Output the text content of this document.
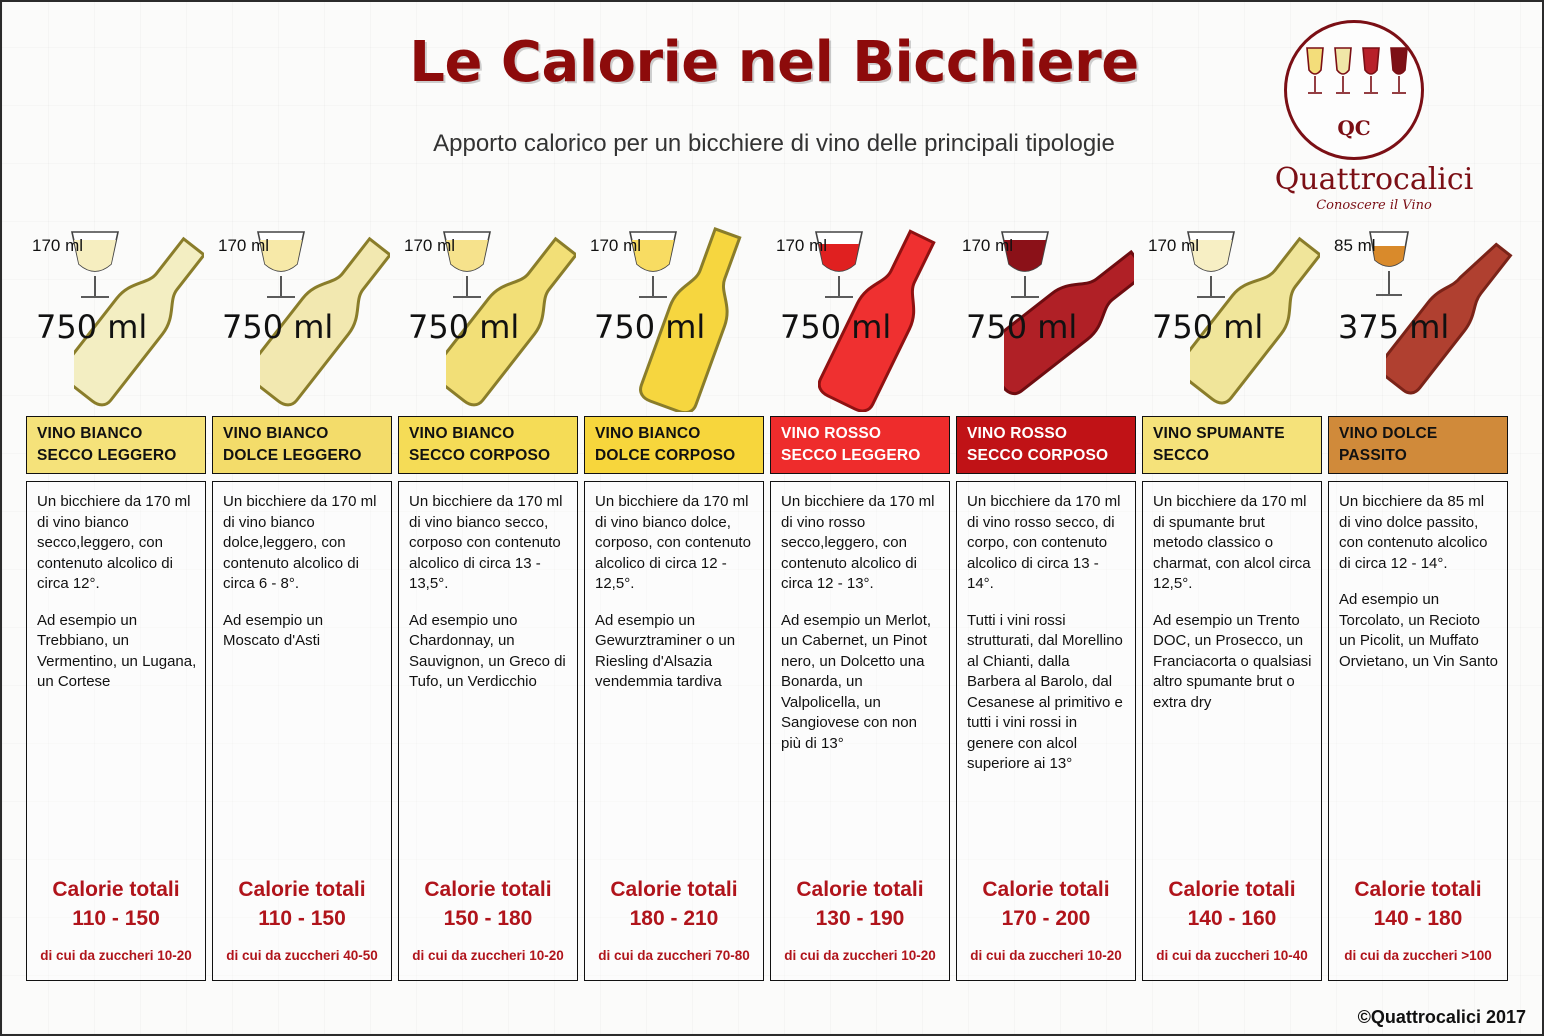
Le Calorie nel Bicchiere
Apporto calorico per un bicchiere di vino delle principali tipologie
QC
Quattrocalici
Conoscere il Vino
170 ml
750 ml
VINO BIANCO
SECCO LEGGERO

Un bicchiere da 170 ml di vino bianco secco,leggero, con contenuto alcolico di circa 12°.

Ad esempio un Trebbiano, un Vermentino, un Lugana, un Cortese

Calorie totali
110 - 150
di cui da zuccheri 10-20
170 ml
750 ml
VINO BIANCO
DOLCE LEGGERO

Un bicchiere da 170 ml di vino bianco dolce,leggero, con contenuto alcolico di circa 6 - 8°.

Ad esempio un Moscato d'Asti

Calorie totali
110 - 150
di cui da zuccheri 40-50
170 ml
750 ml
VINO BIANCO
SECCO CORPOSO

Un bicchiere da 170 ml di vino bianco secco, corposo con contenuto alcolico di circa 13 - 13,5°.

Ad esempio uno Chardonnay, un Sauvignon, un Greco di Tufo, un Verdicchio

Calorie totali
150 - 180
di cui da zuccheri 10-20
170 ml
750 ml
VINO BIANCO
DOLCE CORPOSO

Un bicchiere da 170 ml di vino bianco dolce, corposo, con contenuto alcolico di circa 12 - 12,5°.

Ad esempio un Gewurztraminer o un Riesling d'Alsazia vendemmia tardiva

Calorie totali
180 - 210
di cui da zuccheri 70-80
170 ml
750 ml
VINO ROSSO
SECCO LEGGERO

Un bicchiere da 170 ml di vino rosso secco,leggero, con contenuto alcolico di circa 12 - 13°.

Ad esempio un Merlot, un Cabernet, un Pinot nero, un Dolcetto una Bonarda, un Valpolicella, un Sangiovese con non più di 13°

Calorie totali
130 - 190
di cui da zuccheri 10-20
170 ml
750 ml
VINO ROSSO
SECCO CORPOSO

Un bicchiere da 170 ml di vino rosso secco, di corpo, con contenuto alcolico di circa 13 - 14°.

Tutti i vini rossi strutturati, dal Morellino al Chianti, dalla Barbera al Barolo, dal Cesanese al primitivo e tutti i vini rossi in genere con alcol superiore ai 13°

Calorie totali
170 - 200
di cui da zuccheri 10-20
170 ml
750 ml
VINO SPUMANTE
SECCO

Un bicchiere da 170 ml di spumante brut metodo classico o charmat, con alcol circa 12,5°.

Ad esempio un Trento DOC, un Prosecco, un Franciacorta o qualsiasi altro spumante brut o extra dry

Calorie totali
140 - 160
di cui da zuccheri 10-40
85 ml
375 ml
VINO DOLCE
PASSITO

Un bicchiere da 85 ml di vino dolce passito, con contenuto alcolico di circa 12 - 14°.

Ad esempio un Torcolato, un Recioto un Picolit, un Muffato Orvietano, un Vin Santo

Calorie totali
140 - 180
di cui da zuccheri >100
©Quattrocalici 2017
